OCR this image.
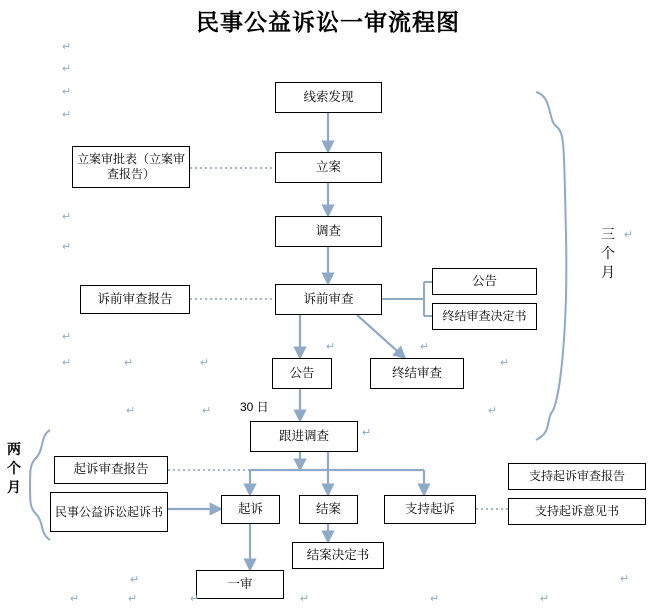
民事公益诉讼一审流程图
线索发现
立案
立案审批表（立案审查报告）
调查
诉前审查
诉前审查报告
公告
终结审查决定书
公告	终结审查
30 日
跟进调查
起诉审查报告
民事公益诉讼起诉书	起诉	结案	支持起诉
支持起诉审查报告
支持起诉意见书
结案决定书
一审
三个月
两个月
↵
↵
↵
↵
↵
↵
↵
↵	↵	↵
↵	↵
↵
↵	↵
↵
↵
↵
↵
↵	↵	↵
↵
↵
↵	↵
